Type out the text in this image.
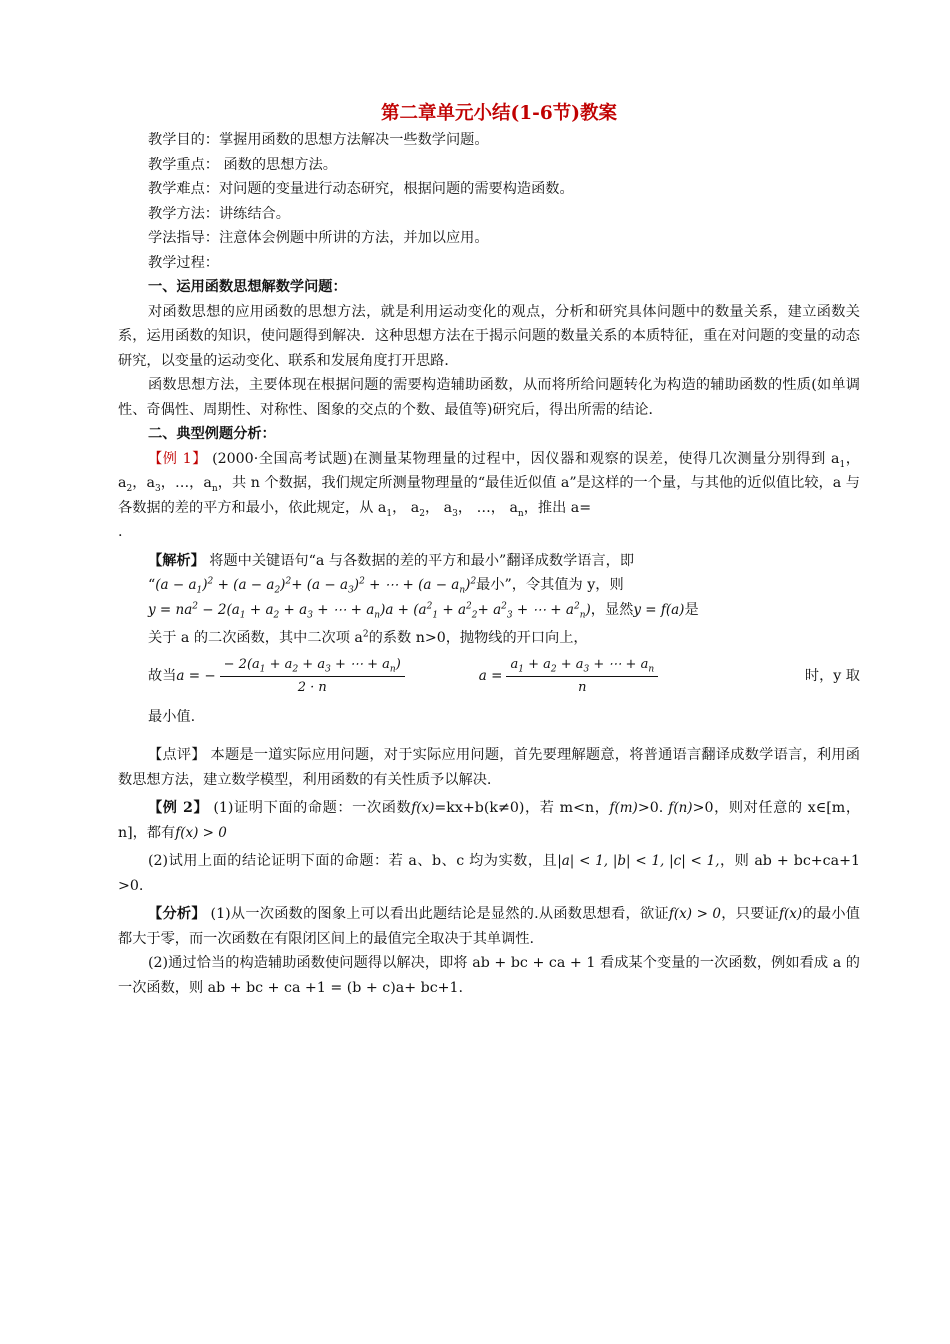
第二章单元小结(1-6节)教案
教学目的：掌握用函数的思想方法解决一些数学问题。
教学重点： 函数的思想方法。
教学难点：对问题的变量进行动态研究，根据问题的需要构造函数。
教学方法：讲练结合。
学法指导：注意体会例题中所讲的方法，并加以应用。
教学过程：
一、运用函数思想解数学问题：
对函数思想的应用函数的思想方法，就是利用运动变化的观点，分析和研究具体问题中的数量关系，建立函数关系，运用函数的知识，使问题得到解决．这种思想方法在于揭示问题的数量关系的本质特征，重在对问题的变量的动态研究，以变量的运动变化、联系和发展角度打开思路．
函数思想方法，主要体现在根据问题的需要构造辅助函数，从而将所给问题转化为构造的辅助函数的性质(如单调性、奇偶性、周期性、对称性、图象的交点的个数、最值等)研究后，得出所需的结论．
二、典型例题分析：
【例 1】 (2000·全国高考试题)在测量某物理量的过程中，因仪器和观察的误差，使得几次测量分别得到 $a_1$，$a_2$，$a_3$，…，$a_n$，共 n 个数据，我们规定所测量物理量的“最佳近似值 a”是这样的一个量，与其他的近似值比较，a 与各数据的差的平方和最小，依此规定，从 $a_1$， $a_2$， $a_3$， …， $a_n$，推出 a=
.
【解析】 将题中关键语句“a 与各数据的差的平方和最小”翻译成数学语言，即
“$(a - a_1)^2 + (a - a_2)^2+ (a - a_3)^2$ + ⋯ + $(a - a_n)^2$最小”，令其值为 y，则
$y = na^2 - 2(a_1 + a_2 + a_3$ + ⋯ + $a_n)a + (a^2_1 + a^2_2+ a^2_3$ + ⋯ + $a^2_n$)，显然y = f(a)是
关于 a 的二次函数，其中二次项 $a^2$的系数 n>0，抛物线的开口向上，
故当 a = − $\frac{- 2(a_1 + a_2 + a_3 + \cdots + a_n)}{2 \cdot n}$	$a = \frac{a_1 + a_2 + a_3 + \cdots + a_n}{n}$	时，y 取
最小值.
【点评】 本题是一道实际应用问题，对于实际应用问题，首先要理解题意，将普通语言翻译成数学语言，利用函数思想方法，建立数学模型，利用函数的有关性质予以解决.
【例 2】 (1)证明下面的命题：一次函数f(x)=kx+b(k≠0)，若 m<n，f(m)>0. f(n)>0，则对任意的 x∈[m，n]，都有f(x) > 0
(2)试用上面的结论证明下面的命题：若 a、b、c 均为实数，且|a| < 1, |b| < 1, |c| < 1,，则 ab + bc+ca+1 >0.
【分析】 (1)从一次函数的图象上可以看出此题结论是显然的.从函数思想看，欲证f(x) > 0，只要证f(x)的最小值都大于零，而一次函数在有限闭区间上的最值完全取决于其单调性.
(2)通过恰当的构造辅助函数使问题得以解决，即将 ab + bc + ca + 1 看成某个变量的一次函数，例如看成 a 的一次函数，则 ab + bc + ca +1 = (b + c)a+ bc+1.
